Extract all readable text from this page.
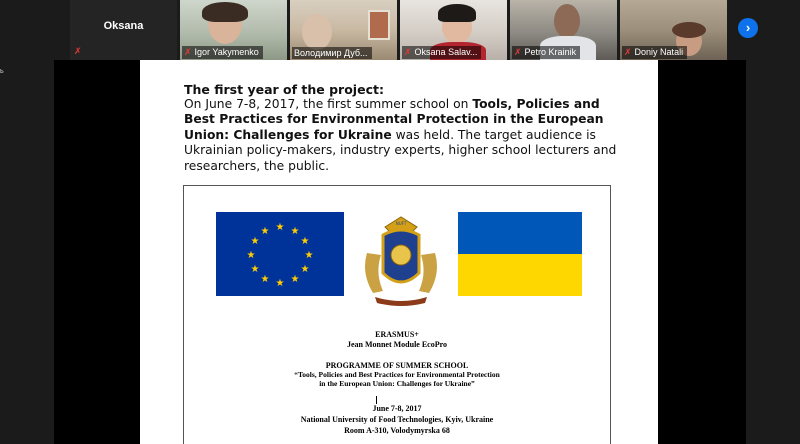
Oksana
✗	✗ Igor Yakymenko	Володимир Дуб...	✗ Oksana Salav...	✗ Petro Krainik	✗ Doniy Natali
›
ь
The first year of the project:
On June 7-8, 2017, the first summer school on Tools, Policies and Best Practices for Environmental Protection in the European Union: Challenges for Ukraine was held. The target audience is Ukrainian policy-makers, industry experts, higher school lecturers and researchers, the public.
★ ★
★
★
★
★
★
★
★
★
★
★
NUFT
ERASMUS+
Jean Monnet Module EcoPro
PROGRAMME OF SUMMER SCHOOL
“Tools, Policies and Best Practices for Environmental Protection
in the European Union: Challenges for Ukraine”
June 7-8, 2017
National University of Food Technologies, Kyiv, Ukraine
Room A-310, Volodymyrska 68
